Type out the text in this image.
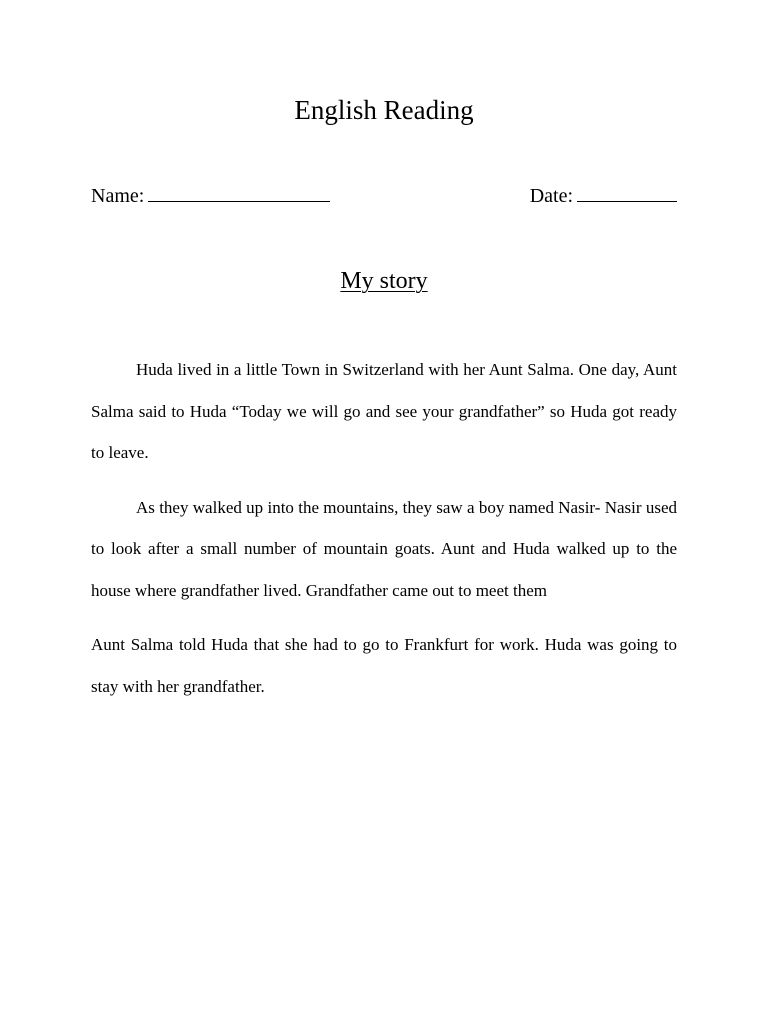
English Reading
Name:	Date:
My story

Huda lived in a little Town in Switzerland with her Aunt Salma. One day, Aunt Salma said to Huda “Today we will go and see your grandfather” so Huda got ready to leave.

As they walked up into the mountains, they saw a boy named Nasir- Nasir used to look after a small number of mountain goats. Aunt and Huda walked up to the house where grandfather lived. Grandfather came out to meet them

Aunt Salma told Huda that she had to go to Frankfurt for work. Huda was going to stay with her grandfather.
